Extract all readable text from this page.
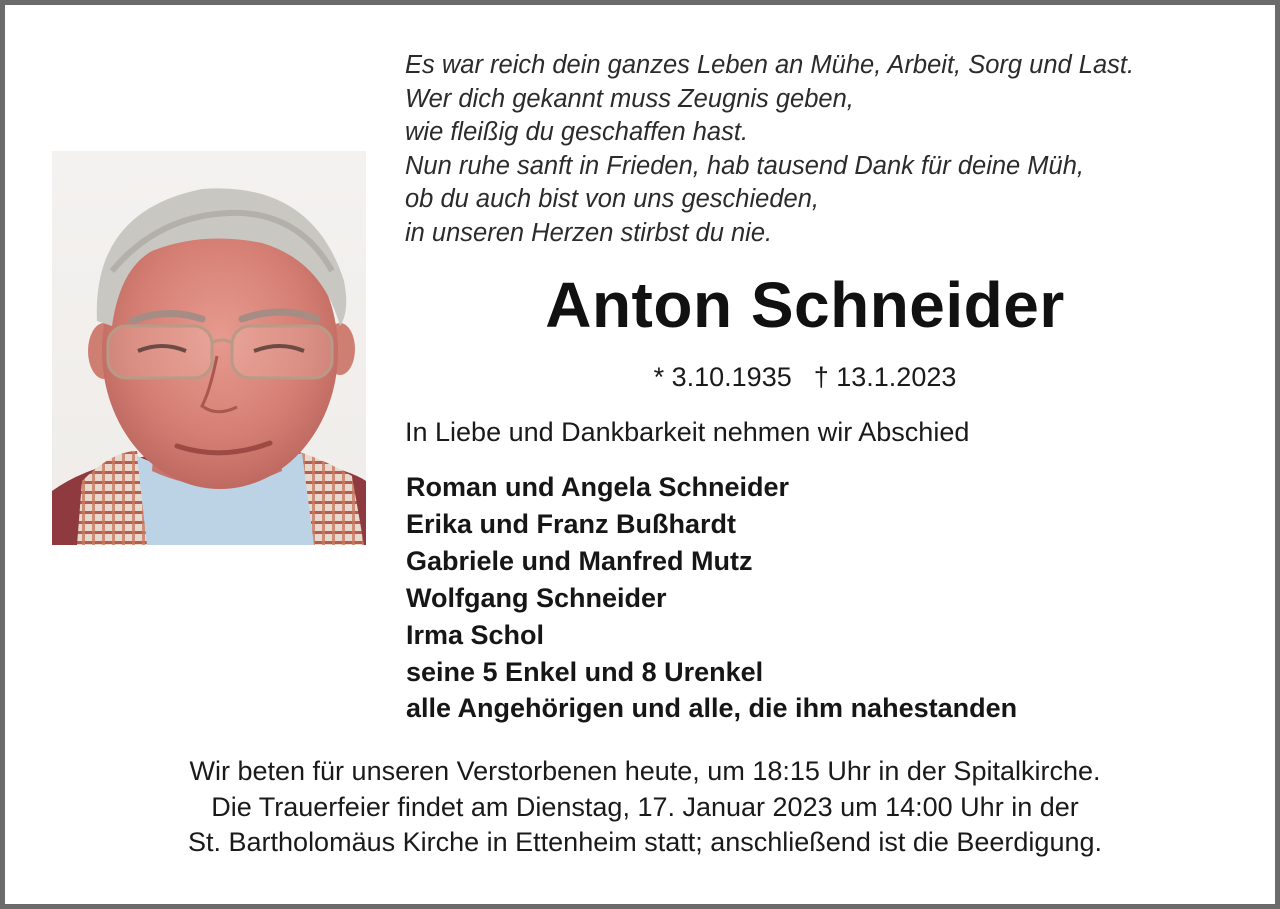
Es war reich dein ganzes Leben an Mühe, Arbeit, Sorg und Last.
Wer dich gekannt muss Zeugnis geben,
wie fleißig du geschaffen hast.
Nun ruhe sanft in Frieden, hab tausend Dank für deine Müh,
ob du auch bist von uns geschieden,
in unseren Herzen stirbst du nie.
Anton Schneider
* 3.10.1935 † 13.1.2023
In Liebe und Dankbarkeit nehmen wir Abschied
Roman und Angela Schneider
Erika und Franz Bußhardt
Gabriele und Manfred Mutz
Wolfgang Schneider
Irma Schol
seine 5 Enkel und 8 Urenkel
alle Angehörigen und alle, die ihm nahestanden
Wir beten für unseren Verstorbenen heute, um 18:15 Uhr in der Spitalkirche.
Die Trauerfeier findet am Dienstag, 17. Januar 2023 um 14:00 Uhr in der
St. Bartholomäus Kirche in Ettenheim statt; anschließend ist die Beerdigung.
